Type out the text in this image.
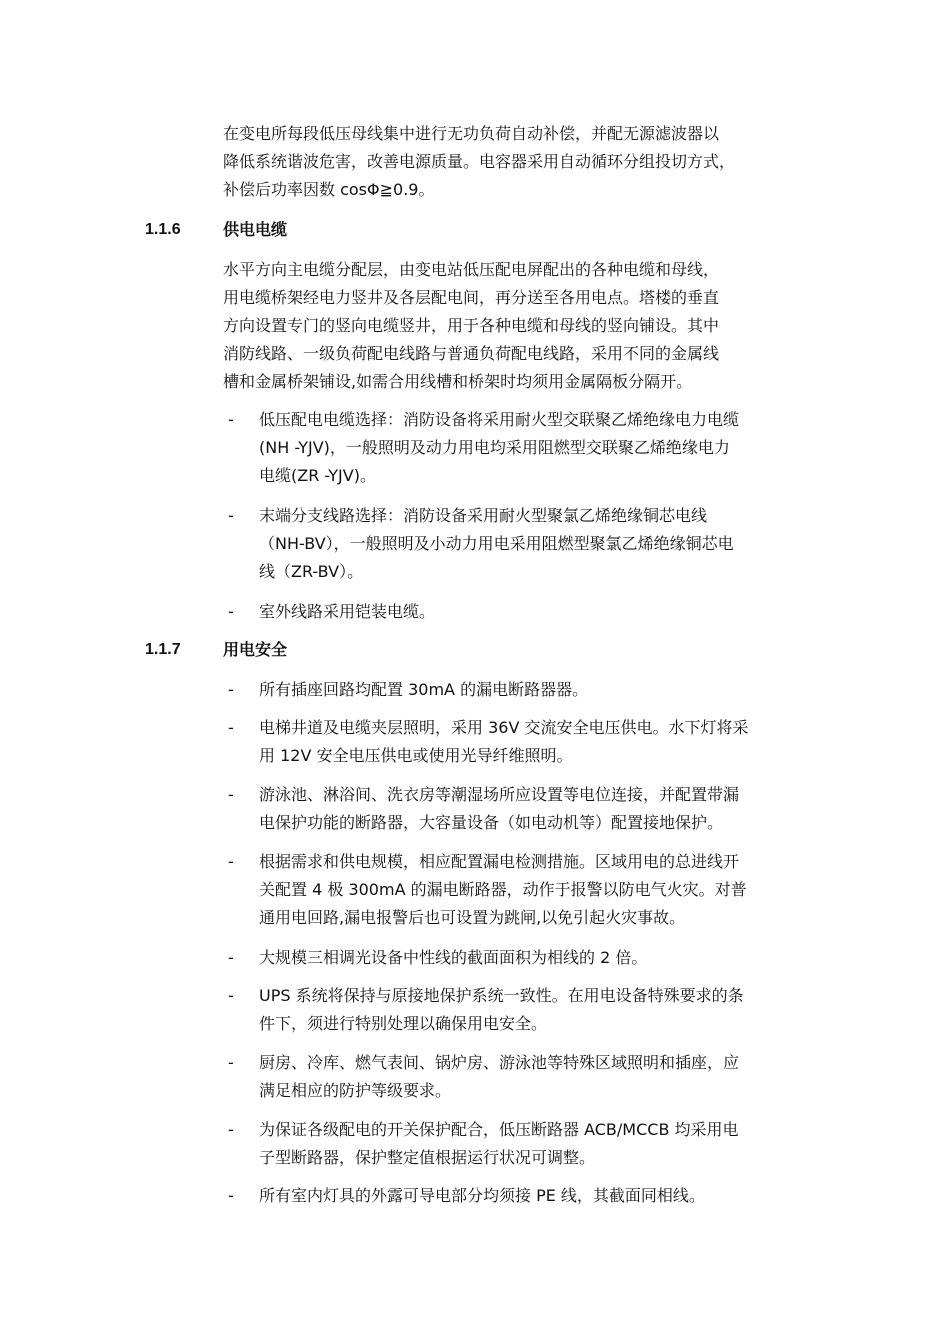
在变电所每段低压母线集中进行无功负荷自动补偿，并配无源滤波器以
降低系统谐波危害，改善电源质量。电容器采用自动循环分组投切方式，
补偿后功率因数 cosΦ≧0.9。
1.1.6	供电电缆
水平方向主电缆分配层，由变电站低压配电屏配出的各种电缆和母线，
用电缆桥架经电力竖井及各层配电间，再分送至各用电点。塔楼的垂直
方向设置专门的竖向电缆竖井，用于各种电缆和母线的竖向铺设。其中
消防线路、一级负荷配电线路与普通负荷配电线路，采用不同的金属线
槽和金属桥架铺设,如需合用线槽和桥架时均须用金属隔板分隔开。
-	低压配电电缆选择：消防设备将采用耐火型交联聚乙烯绝缘电力电缆
(NH -YJV)，一般照明及动力用电均采用阻燃型交联聚乙烯绝缘电力
电缆(ZR -YJV)。
-	末端分支线路选择：消防设备采用耐火型聚氯乙烯绝缘铜芯电线
（NH-BV），一般照明及小动力用电采用阻燃型聚氯乙烯绝缘铜芯电
线（ZR-BV）。
-	室外线路采用铠装电缆。
1.1.7	用电安全
-	所有插座回路均配置 30mA 的漏电断路器器。
-	电梯井道及电缆夹层照明，采用 36V 交流安全电压供电。水下灯将采
用 12V 安全电压供电或使用光导纤维照明。
-	游泳池、淋浴间、洗衣房等潮湿场所应设置等电位连接，并配置带漏
电保护功能的断路器，大容量设备（如电动机等）配置接地保护。
-	根据需求和供电规模，相应配置漏电检测措施。区域用电的总进线开
关配置 4 极 300mA 的漏电断路器，动作于报警以防电气火灾。对普
通用电回路,漏电报警后也可设置为跳闸,以免引起火灾事故。
-	大规模三相调光设备中性线的截面面积为相线的 2 倍。
-	UPS 系统将保持与原接地保护系统一致性。在用电设备特殊要求的条
件下，须进行特别处理以确保用电安全。
-	厨房、冷库、燃气表间、锅炉房、游泳池等特殊区域照明和插座，应
满足相应的防护等级要求。
-	为保证各级配电的开关保护配合，低压断路器 ACB/MCCB 均采用电
子型断路器，保护整定值根据运行状况可调整。
-	所有室内灯具的外露可导电部分均须接 PE 线，其截面同相线。
